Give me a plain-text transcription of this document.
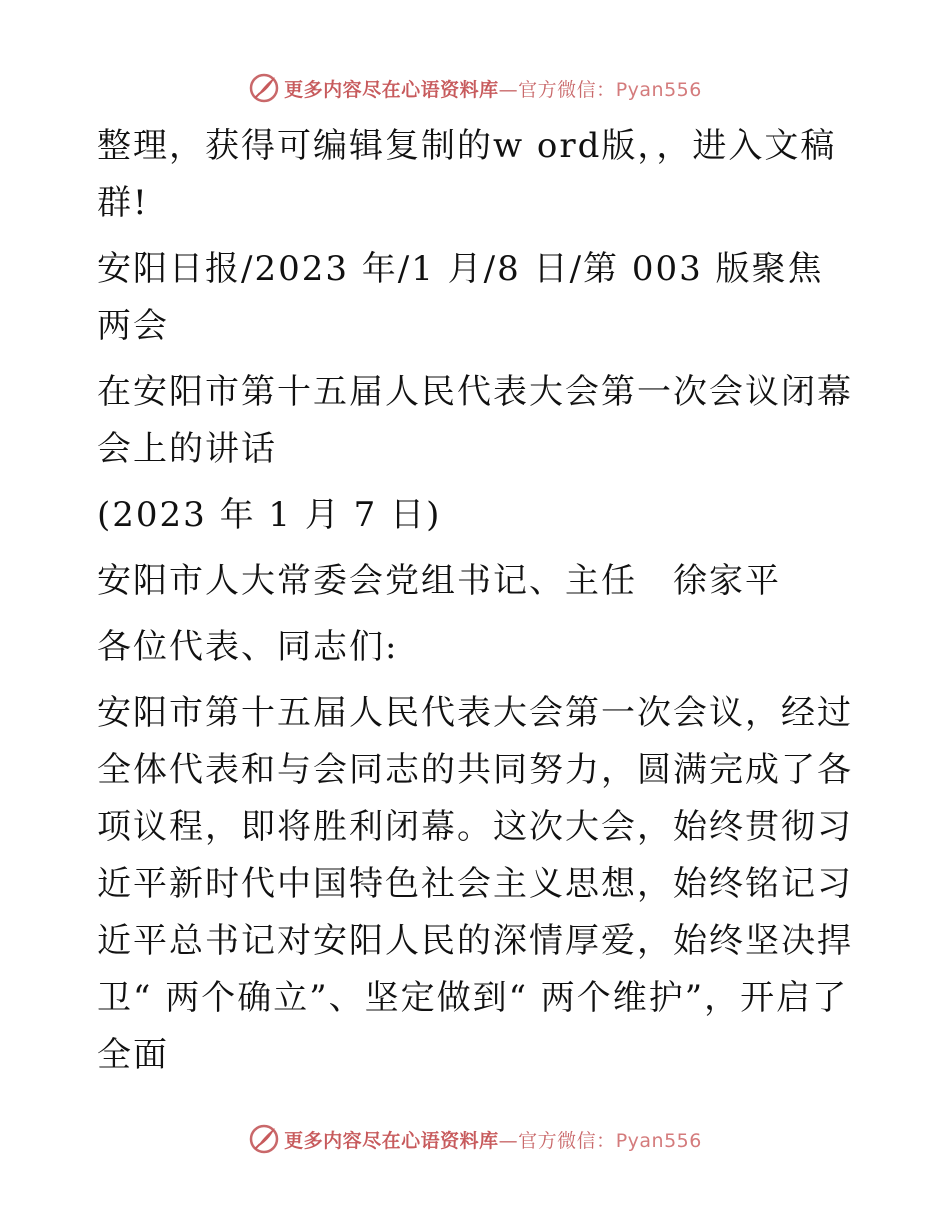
更多内容尽在心语资料库—官方微信：Pyan556

整理，获得可编辑复制的w ord版，，进入文稿群!

安阳日报/2023 年/1 月/8 日/第 003 版聚焦两会

在安阳市第十五届人民代表大会第一次会议闭幕会上的讲话

(2023 年 1 月 7 日)

安阳市人大常委会党组书记、主任　徐家平

各位代表、同志们:

安阳市第十五届人民代表大会第一次会议，经过全体代表和与会同志的共同努力，圆满完成了各项议程，即将胜利闭幕。这次大会，始终贯彻习近平新时代中国特色社会主义思想，始终铭记习近平总书记对安阳人民的深情厚爱，始终坚决捍卫“ 两个确立”、坚定做到“ 两个维护”，开启了全面

更多内容尽在心语资料库—官方微信：Pyan556
